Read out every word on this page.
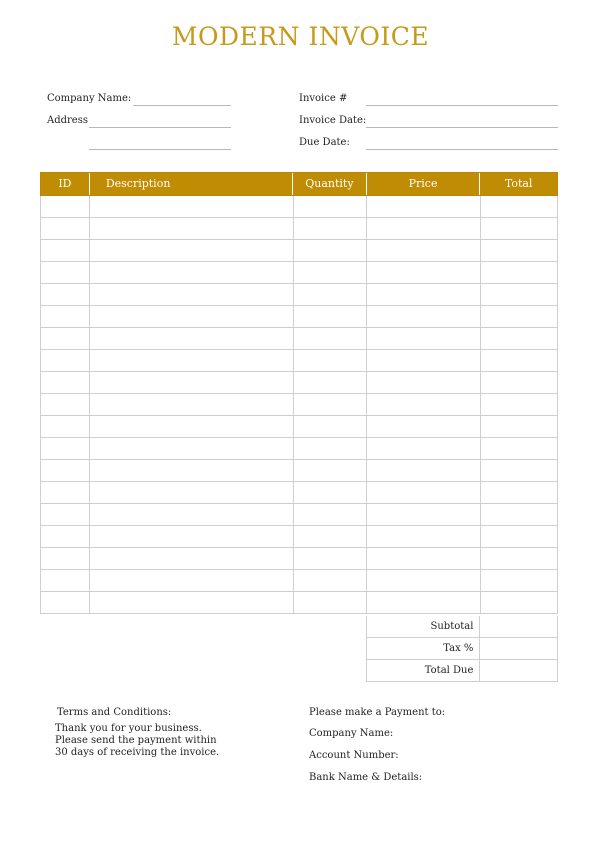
MODERN INVOICE
Company Name:
Address
Invoice #
Invoice Date:
Due Date:
ID	Description	Quantity	Price	Total
Subtotal
Tax %
Total Due
Terms and Conditions:
Thank you for your business.
Please send the payment within
30 days of receiving the invoice.
Please make a Payment to:
Company Name:
Account Number:
Bank Name & Details:
